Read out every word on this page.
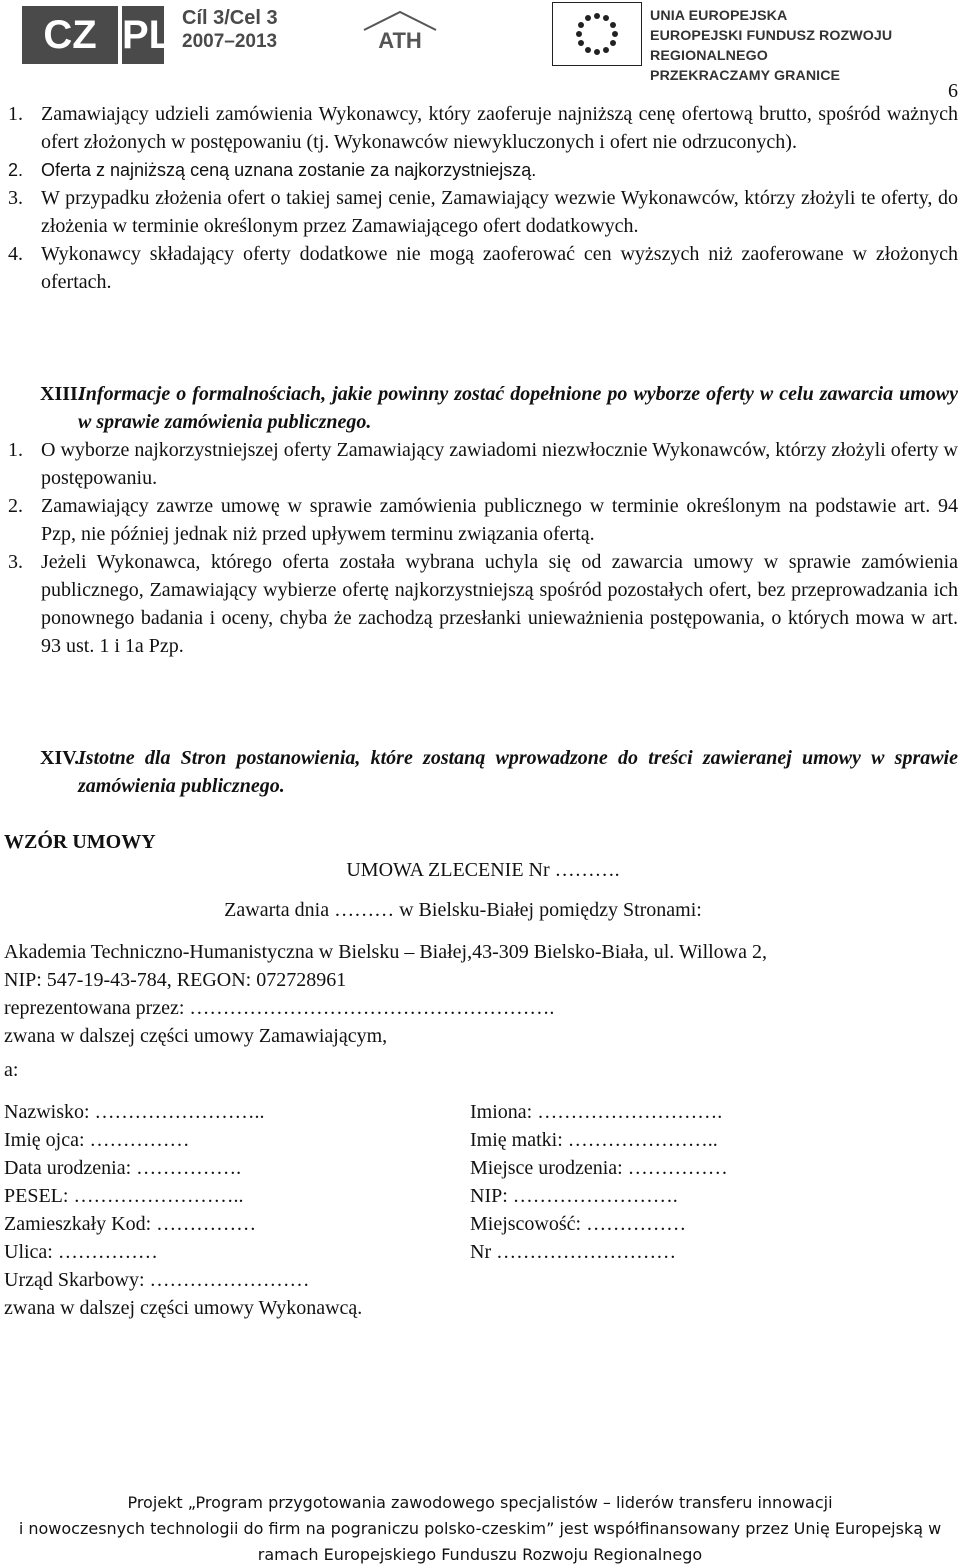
CZ PL Cíl 3/Cel 3
2007–2013	ATH
UNIA EUROPEJSKA
EUROPEJSKI FUNDUSZ ROZWOJU REGIONALNEGO
PRZEKRACZAMY GRANICE
6
1. Zamawiający udzieli zamówienia Wykonawcy, który zaoferuje najniższą cenę ofertową brutto, spośród ważnych ofert złożonych w postępowaniu (tj. Wykonawców niewykluczonych i ofert nie odrzuconych).
2. Oferta z najniższą ceną uznana zostanie za najkorzystniejszą.
3. W przypadku złożenia ofert o takiej samej cenie, Zamawiający wezwie Wykonawców, którzy złożyli te oferty, do złożenia w terminie określonym przez Zamawiającego ofert dodatkowych.
4. Wykonawcy składający oferty dodatkowe nie mogą zaoferować cen wyższych niż zaoferowane w złożonych ofertach.
XIII.
Informacje o formalnościach, jakie powinny zostać dopełnione po wyborze oferty w celu zawarcia umowy w sprawie zamówienia publicznego.
1. O wyborze najkorzystniejszej oferty Zamawiający zawiadomi niezwłocznie Wykonawców, którzy złożyli oferty w postępowaniu.
2. Zamawiający zawrze umowę w sprawie zamówienia publicznego w terminie określonym na podstawie art. 94 Pzp, nie później jednak niż przed upływem terminu związania ofertą.
3. Jeżeli Wykonawca, którego oferta została wybrana uchyla się od zawarcia umowy w sprawie zamówienia publicznego, Zamawiający wybierze ofertę najkorzystniejszą spośród pozostałych ofert, bez przeprowadzania ich ponownego badania i oceny, chyba że zachodzą przesłanki unieważnienia postępowania, o których mowa w art. 93 ust. 1 i 1a Pzp.
XIV.
Istotne dla Stron postanowienia, które zostaną wprowadzone do treści zawieranej umowy w sprawie zamówienia publicznego.
WZÓR UMOWY
UMOWA ZLECENIE Nr ……….
Zawarta dnia ……… w Bielsku-Białej pomiędzy Stronami:
Akademia Techniczno-Humanistyczna w Bielsku – Białej,43-309 Bielsko-Biała, ul. Willowa 2,
NIP: 547-19-43-784, REGON: 072728961
reprezentowana przez: ……………………………………………….
zwana w dalszej części umowy Zamawiającym,
a:
Nazwisko: ……………………..	Imiona: ……………………….
Imię ojca: ……………	Imię matki: …………………..
Data urodzenia: …………….	Miejsce urodzenia: ……………
PESEL: ……………………..	NIP: …………………….
Zamieszkały Kod: ……………	Miejscowość: ……………
Ulica: ……………	Nr ………………………
Urząd Skarbowy: ……………………
zwana w dalszej części umowy Wykonawcą.
Projekt „Program przygotowania zawodowego specjalistów – liderów transferu innowacji
i nowoczesnych technologii do firm na pograniczu polsko-czeskim” jest współfinansowany przez Unię Europejską w
ramach Europejskiego Funduszu Rozwoju Regionalnego
